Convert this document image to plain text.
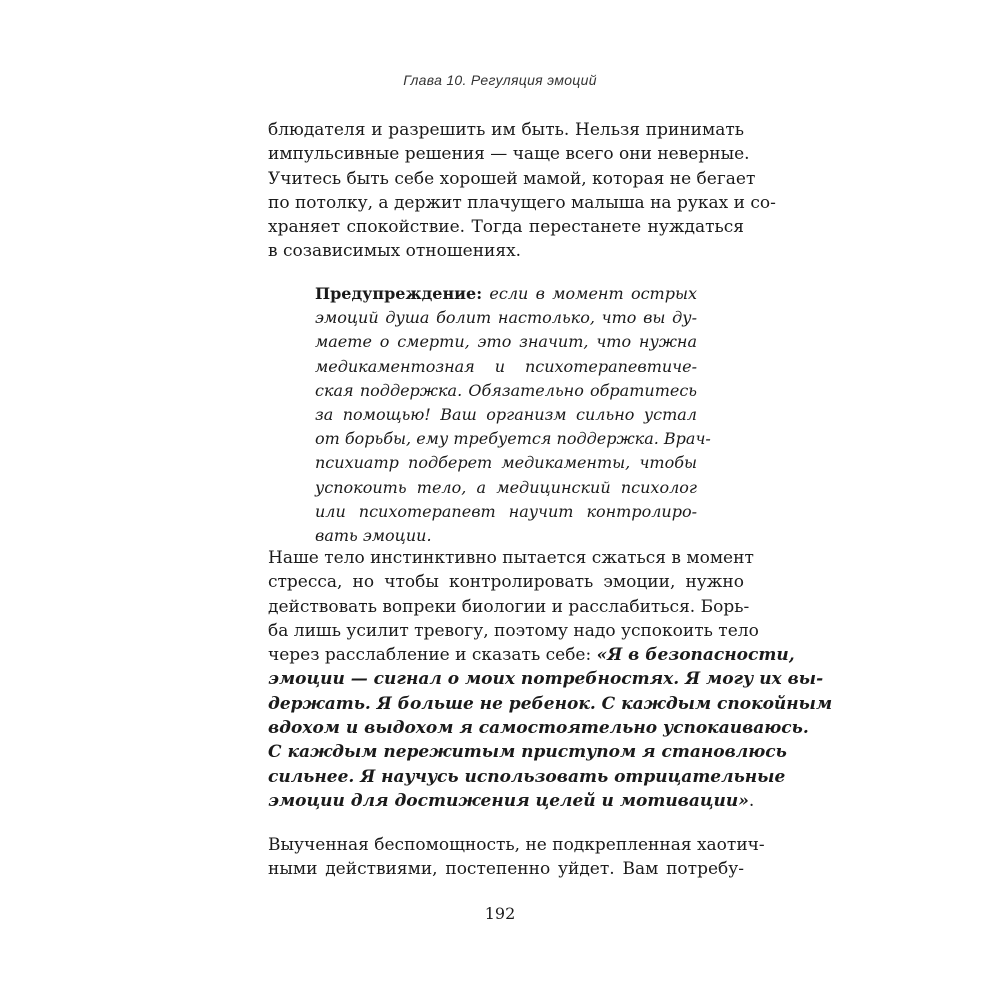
Глава 10. Регуляция эмоций
блюдателя и разрешить им быть. Нельзя принимать
импульсивные решения — чаще всего они неверные.
Учитесь быть себе хорошей мамой, которая не бегает
по потолку, а держит плачущего малыша на руках и со-
храняет спокойствие. Тогда перестанете нуждаться
в созависимых отношениях.
Предупреждение: если в момент острых
эмоций душа болит настолько, что вы ду-
маете о смерти, это значит, что нужна
медикаментозная и психотерапевтиче-
ская поддержка. Обязательно обратитесь
за помощью! Ваш организм сильно устал
от борьбы, ему требуется поддержка. Врач-
психиатр подберет медикаменты, чтобы
успокоить тело, а медицинский психолог
или психотерапевт научит контролиро-
вать эмоции.
Наше тело инстинктивно пытается сжаться в момент
стресса, но чтобы контролировать эмоции, нужно
действовать вопреки биологии и расслабиться. Борь-
ба лишь усилит тревогу, поэтому надо успокоить тело
через расслабление и сказать себе: «Я в безопасности,
эмоции — сигнал о моих потребностях. Я могу их вы-
держать. Я больше не ребенок. С каждым спокойным
вдохом и выдохом я самостоятельно успокаиваюсь.
С каждым пережитым приступом я становлюсь
сильнее. Я научусь использовать отрицательные
эмоции для достижения целей и мотивации».
Выученная беспомощность, не подкрепленная хаотич-
ными действиями, постепенно уйдет. Вам потребу-
192
